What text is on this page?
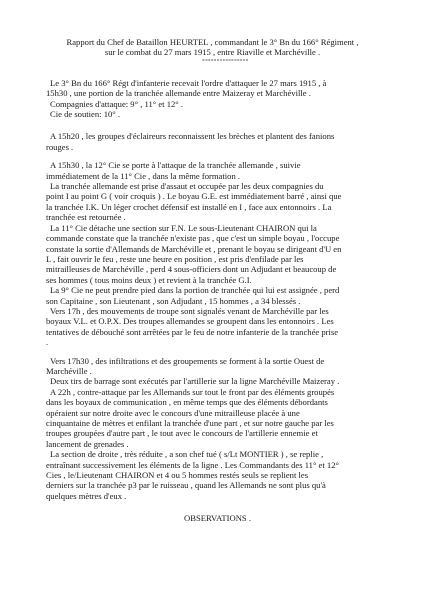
Rapport du Chef de Bataillon HEURTEL , commandant le 3° Bn du 166° Régiment ,
sur le combat du 27 mars 1915 , entre Riaville et Marchéville .
°°°°°°°°°°°°°°°°
Le 3° Bn du 166° Régt d'infanterie recevait l'ordre d'attaquer le 27 mars 1915 , à
15h30 , une portion de la tranchée allemande entre Maizeray et Marchéville .
Compagnies d'attaque: 9° , 11° et 12° .
Cie de soutien: 10° .
A 15h20 , les groupes d'éclaireurs reconnaissent les brèches et plantent des fanions
rouges .
A 15h30 , la 12° Cie se porte à l'attaque de la tranchée allemande , suivie
immédiatement de la 11° Cie , dans la même formation .
La tranchée allemande est prise d'assaut et occupée par les deux compagnies du
point I au point G ( voir croquis ) . Le boyau G.E. est immédiatement barré , ainsi que
la tranchée I.K. Un léger crochet défensif est installé en I , face aux entonnoirs . La
tranchée est retournée .
La 11° Cie détache une section sur F.N. Le sous-Lieutenant CHAIRON qui la
commande constate que la tranchée n'existe pas , que c'est un simple boyau , l'occupe
constate la sortie d'Allemands de Marchéville et , prenant le boyau se dirigeant d'U en
L , fait ouvrir le feu , reste une heure en position , est pris d'enfilade par les
mitrailleuses de Marchéville , perd 4 sous-officiers dont un Adjudant et beaucoup de
ses hommes ( tous moins deux ) et revient à la tranchée G.I.
La 9° Cie ne peut prendre pied dans la portion de tranchée qui lui est assignée , perd
son Capitaine , son Lieutenant , son Adjudant , 15 hommes , a 34 blessés .
Vers 17h , des mouvements de troupe sont signalés venant de Marchéville par les
boyaux V.L. et O.P.X. Des troupes allemandes se groupent dans les entonnoirs . Les
tentatives de débouché sont arrêtées par le feu de notre infanterie de la tranchée prise
.
Vers 17h30 , des infiltrations et des groupements se forment à la sortie Ouest de
Marchéville .
Deux tirs de barrage sont exécutés par l'artillerie sur la ligne Marchéville Maizeray .
A 22h , contre-attaque par les Allemands sur tout le front par des éléments groupés
dans les boyaux de communication , en même temps que des éléments débordants
opéraient sur notre droite avec le concours d'une mitrailleuse placée à une
cinquantaine de mètres et enfilant la tranchée d'une part , et sur notre gauche par les
troupes groupées d'autre part , le tout avec le concours de l'artillerie ennemie et
lancement de grenades .
La section de droite , très réduite , a son chef tué ( s/Lt MONTIER ) , se replie ,
entraînant successivement les éléments de la ligne . Les Commandants des 11° et 12°
Cies , le/Lieutenant CHAIRON et 4 ou 5 hommes restés seuls se replient les
derniers sur la tranchée p3 par le ruisseau , quand les Allemands ne sont plus qu'à
quelques mètres d'eux .
OBSERVATIONS .
